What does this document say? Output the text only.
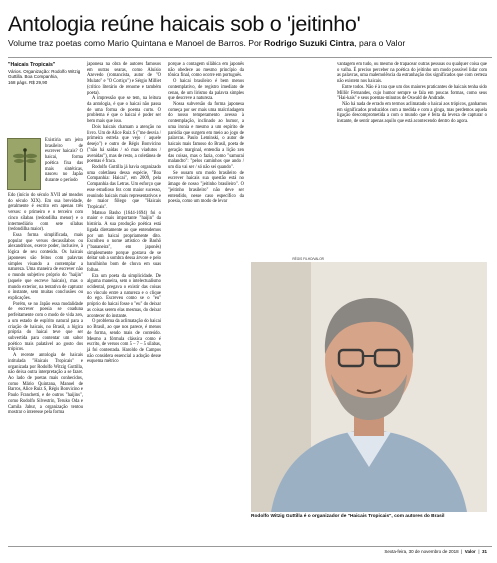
Antologia reúne haicais sob o 'jeitinho'
Volume traz poetas como Mario Quintana e Manoel de Barros. Por Rodrigo Suzuki Cintra, para o Valor
"Haicais Tropicais"
Vários. Organização: Rodolfo Witzig
Guttilla. Boa Companhia,
168 págs. R$ 29,90

Existiria um jeito brasileiro de escrever haicais? O haicai, forma poética fixa das mais sintéticas, nasceu no Japão durante o período

Edo (início do século XVII até meados do século XIX). Em sua brevidade, geralmente é escrito em apenas três versos: o primeiro e o terceiro com cinco sílabas (redondilha menor) e o intermediário com sete sílabas (redondilha maior).

Essa forma simplificada, mais popular que versos decassílabos ou alexandrinos, exerce poder, inclusive, à lógica de seu conteúdo. Os haicais japoneses são feitos com palavras simples visando a contemplar a natureza. Uma maneira de escrever não o mundo subjetivo próprio do "haijin" (aquele que escreve haicais), mas o mundo exterior, na tentativa de capturar o instante, sem muitas conclusões ou explicações.

Porém, se no Japão essa modalidade de escrever poesia se coaduna perfeitamente com o modo de vida zen, a um estado de espírito natural para a criação de haicais, no Brasil, a lógica própria do haicai teve que ser subvertida para contentar um sabor poético mais palatável ao gosto dos trópicos.

A recente antologia de haicais intitulada "Haicais Tropicais" e organizada por Rodolfo Witzig Guttilla, não deixa outra interpretação a se fazer. Ao lado de poetas mais conhecidos, como Mário Quintana, Manoel de Barros, Alice Ruiz S, Régis Bonvicino e Paulo Franchetti, e de outros "haijins", como Rodolfo Silvestrin, Teruko Oda e Camila Jabur, a organização tentou mostrar o interesse pela forma

japonesa na obra de autores famosos em outras searas, como Aluísio Azevedo (romancista, autor de "O Mulato" e "O Cortiço") e Sérgio Milliet (crítico literário de renome e também poeta).

A impressão que se tem, na leitura da antologia, é que o haicai não passa de uma forma de poema curto. O problema é que o haicai é poder ser bem mais que isso.

Dois haicais chamam a atenção no livro. Um de Alice Ruiz S ("me desvia / primeira estrela que vejo / aquele desejo") e outro de Régis Bonvicino ("não há saídas / só mas viadutos / avenidas"), mas de resto, a coletânea de poemas é fraca.

Rodolfo Guttilla já havia organizado uma coletânea dessa espécie, "Boa Companhia: Haicai", em 2009, pela Companhia das Letras. Um esforço que esse estudioso fez com maior sucesso, reunindo haicais mais representativos e de maior fôlego que "Haicais Tropicais".

Matsuo Basho (1644-1694) foi o maior e mais importante "haijin" da história. A sua produção poética está ligada diretamente ao que entendemos por um haicai propriamente dito. Escolheu o nome artístico de Bashō ("bananeira", em japonês) simplesmente porque gostava de se deitar sob a sombra dessa árvore e pelo barulhinho bom de chuva em suas folhas.

Era um poeta da simplicidade. De alguma maneira, sem o intelectualismo ocidental, pregava o existir das coisas no vínculo entre a natureza e o clique do ego. Escreveu como se o "eu" próprio do haicai fosse o "eu" do deixar as coisas serem elas mesmas, do deixar acontecer do instante.

O problema da aclimatação do haicai no Brasil, ao que nos parece, é menos de forma, sendo mais de conteúdo. Mesmo a fórmula clássica como é escrito, de versos com 5 – 7 – 5 sílabas, já foi contestada. Haroldo de Campos não considera essencial a adoção desse esquema métrico

porque a contagem silábica em japonês não obedece ao mesmo princípio da tônica final, como ocorre em português.

O haicai brasileiro é bem menos contemplativo, de registro imediato de cenas, de um lirismo da palavra simples que descreve a natureza.

Nossa subversão da forma japonesa começa por ser mais uma malcriadagem do nosso temperamento avesso à contemplação, inclinado ao humor, a uma ironia e mesmo a um espírito de paródia que surgem em meio ao jogo de palavras. Paulo Leminski, o autor de haicais mais famoso do Brasil, poeta de geração marginal, entendia a lição zen das coisas, mas o fazia, como "samurai malandro": "pelos caminhos que ando / um dia vai ser / só não sei quando".

Se ousam um modo brasileiro de escrever haicais sua questão está no âmago de nosso "jeitinho brasileiro". O "jeitinho brasileiro" não deve ser entendido, nesse caso específico da poesia, como um modo de levar

vantagem em tudo, ou mesmo de trapacear outras pessoas ou qualquer coisa que o valha. É preciso perceber na poética do jeitinho um modo possível lidar com as palavras, uma malemolência da estranhação dos significados que com certeza não existem nos haicais.

Entre todos. Não é à toa que um dos maiores praticantes de haicais tenha sido Millôr Fernandes, cujo humor sempre se fala em poucas formas, como seus "Hai-kais" e seus poemas-minutos de Oswald de Andrade.

Não há nada de errado em termos aclimatado o haicai aos trópicos, ganhamos em significados produzidos com a medida e com a ginga, mas perdemos aquela ligação descomprometida a com o mundo que é feita da leveza de capturar o instante, de sentir apenas aquilo que está acontecendo dentro do agora.

RÉGIS FILHO/VALOR
Rodolfo Witzig Guttilla é o organizador de "Haicais Tropicais", com autores do Brasil
Sexta-feira, 30 de novembro de 2018  |  Valor  |  31
